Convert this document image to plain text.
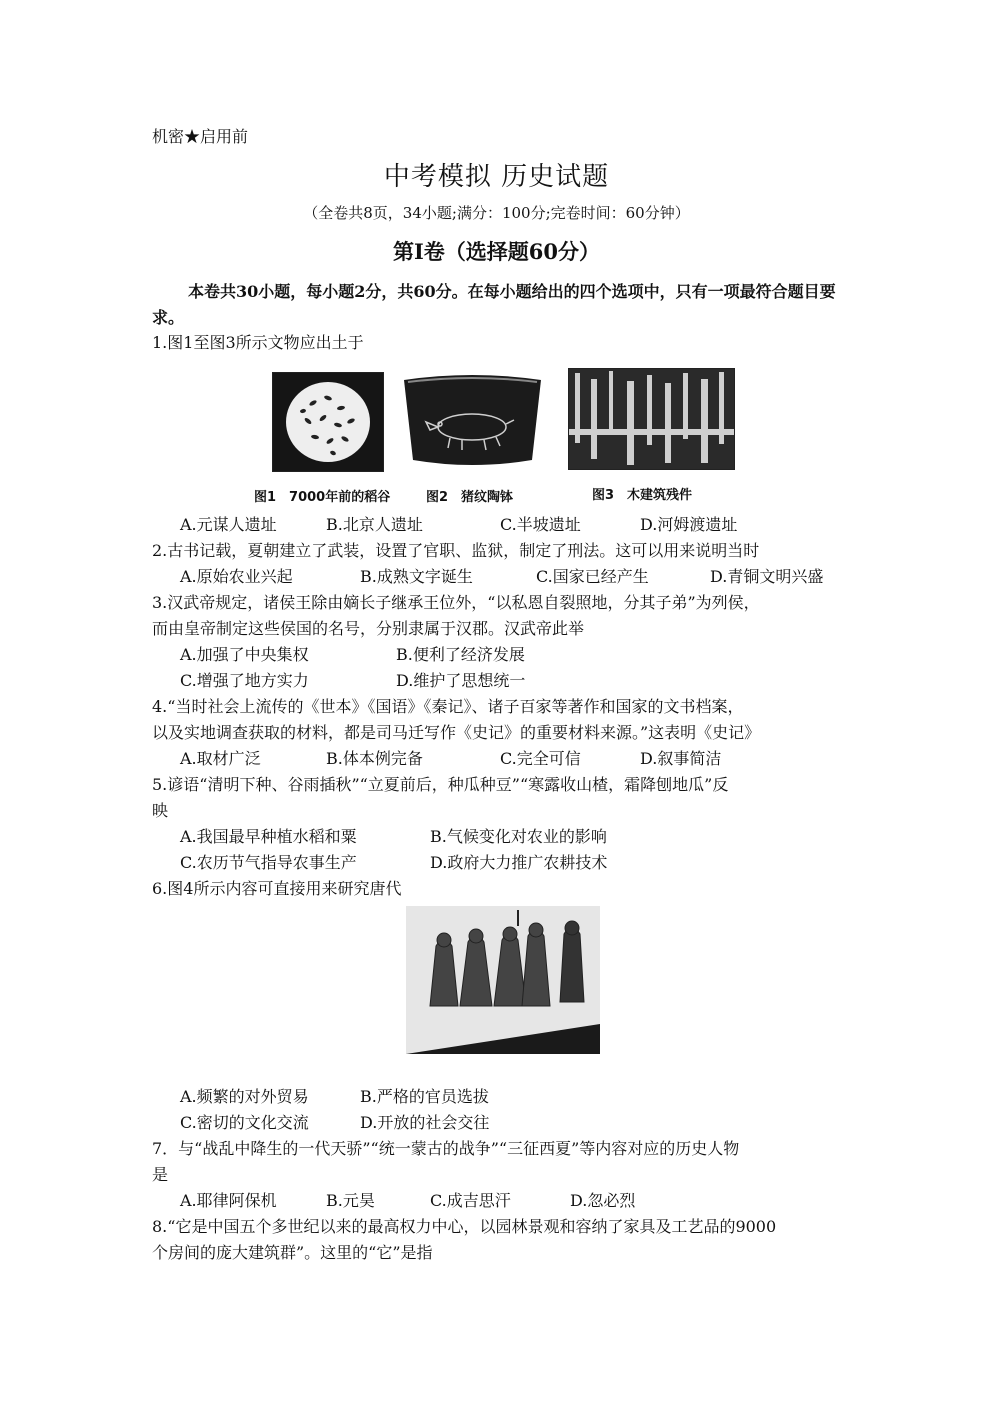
机密★启用前
中考模拟 历史试题
（全卷共8页，34小题;满分：100分;完卷时间：60分钟）
第Ⅰ卷（选择题60分）
本卷共30小题，每小题2分，共60分。在每小题给出的四个选项中，只有一项最符合题目要求。
1.图1至图3所示文物应出土于
图1　7000年前的稻谷	图2　猪纹陶钵	图3　木建筑残件
A.元谋人遗址	B.北京人遗址	C.半坡遗址	D.河姆渡遗址
2.古书记载，夏朝建立了武装，设置了官职、监狱，制定了刑法。这可以用来说明当时
A.原始农业兴起	B.成熟文字诞生	C.国家已经产生	D.青铜文明兴盛
3.汉武帝规定，诸侯王除由嫡长子继承王位外，“以私恩自裂照地，分其子弟”为列侯，
而由皇帝制定这些侯国的名号，分别隶属于汉郡。汉武帝此举
A.加强了中央集权	B.便利了经济发展
C.增强了地方实力	D.维护了思想统一
4.“当时社会上流传的《世本》《国语》《秦记》、诸子百家等著作和国家的文书档案，
以及实地调查获取的材料，都是司马迁写作《史记》的重要材料来源。”这表明《史记》
A.取材广泛	B.体本例完备	C.完全可信	D.叙事简洁
5.谚语“清明下种、谷雨插秋”“立夏前后，种瓜种豆”“寒露收山楂，霜降刨地瓜”反
映
A.我国最早种植水稻和粟	B.气候变化对农业的影响
C.农历节气指导农事生产	D.政府大力推广农耕技术
6.图4所示内容可直接用来研究唐代
A.频繁的对外贸易	B.严格的官员选拔
C.密切的文化交流	D.开放的社会交往
7．与“战乱中降生的一代天骄”“统一蒙古的战争”“三征西夏”等内容对应的历史人物
是
A.耶律阿保机	B.元昊	C.成吉思汗	D.忽必烈
8.“它是中国五个多世纪以来的最高权力中心，以园林景观和容纳了家具及工艺品的9000
个房间的庞大建筑群”。这里的“它”是指
